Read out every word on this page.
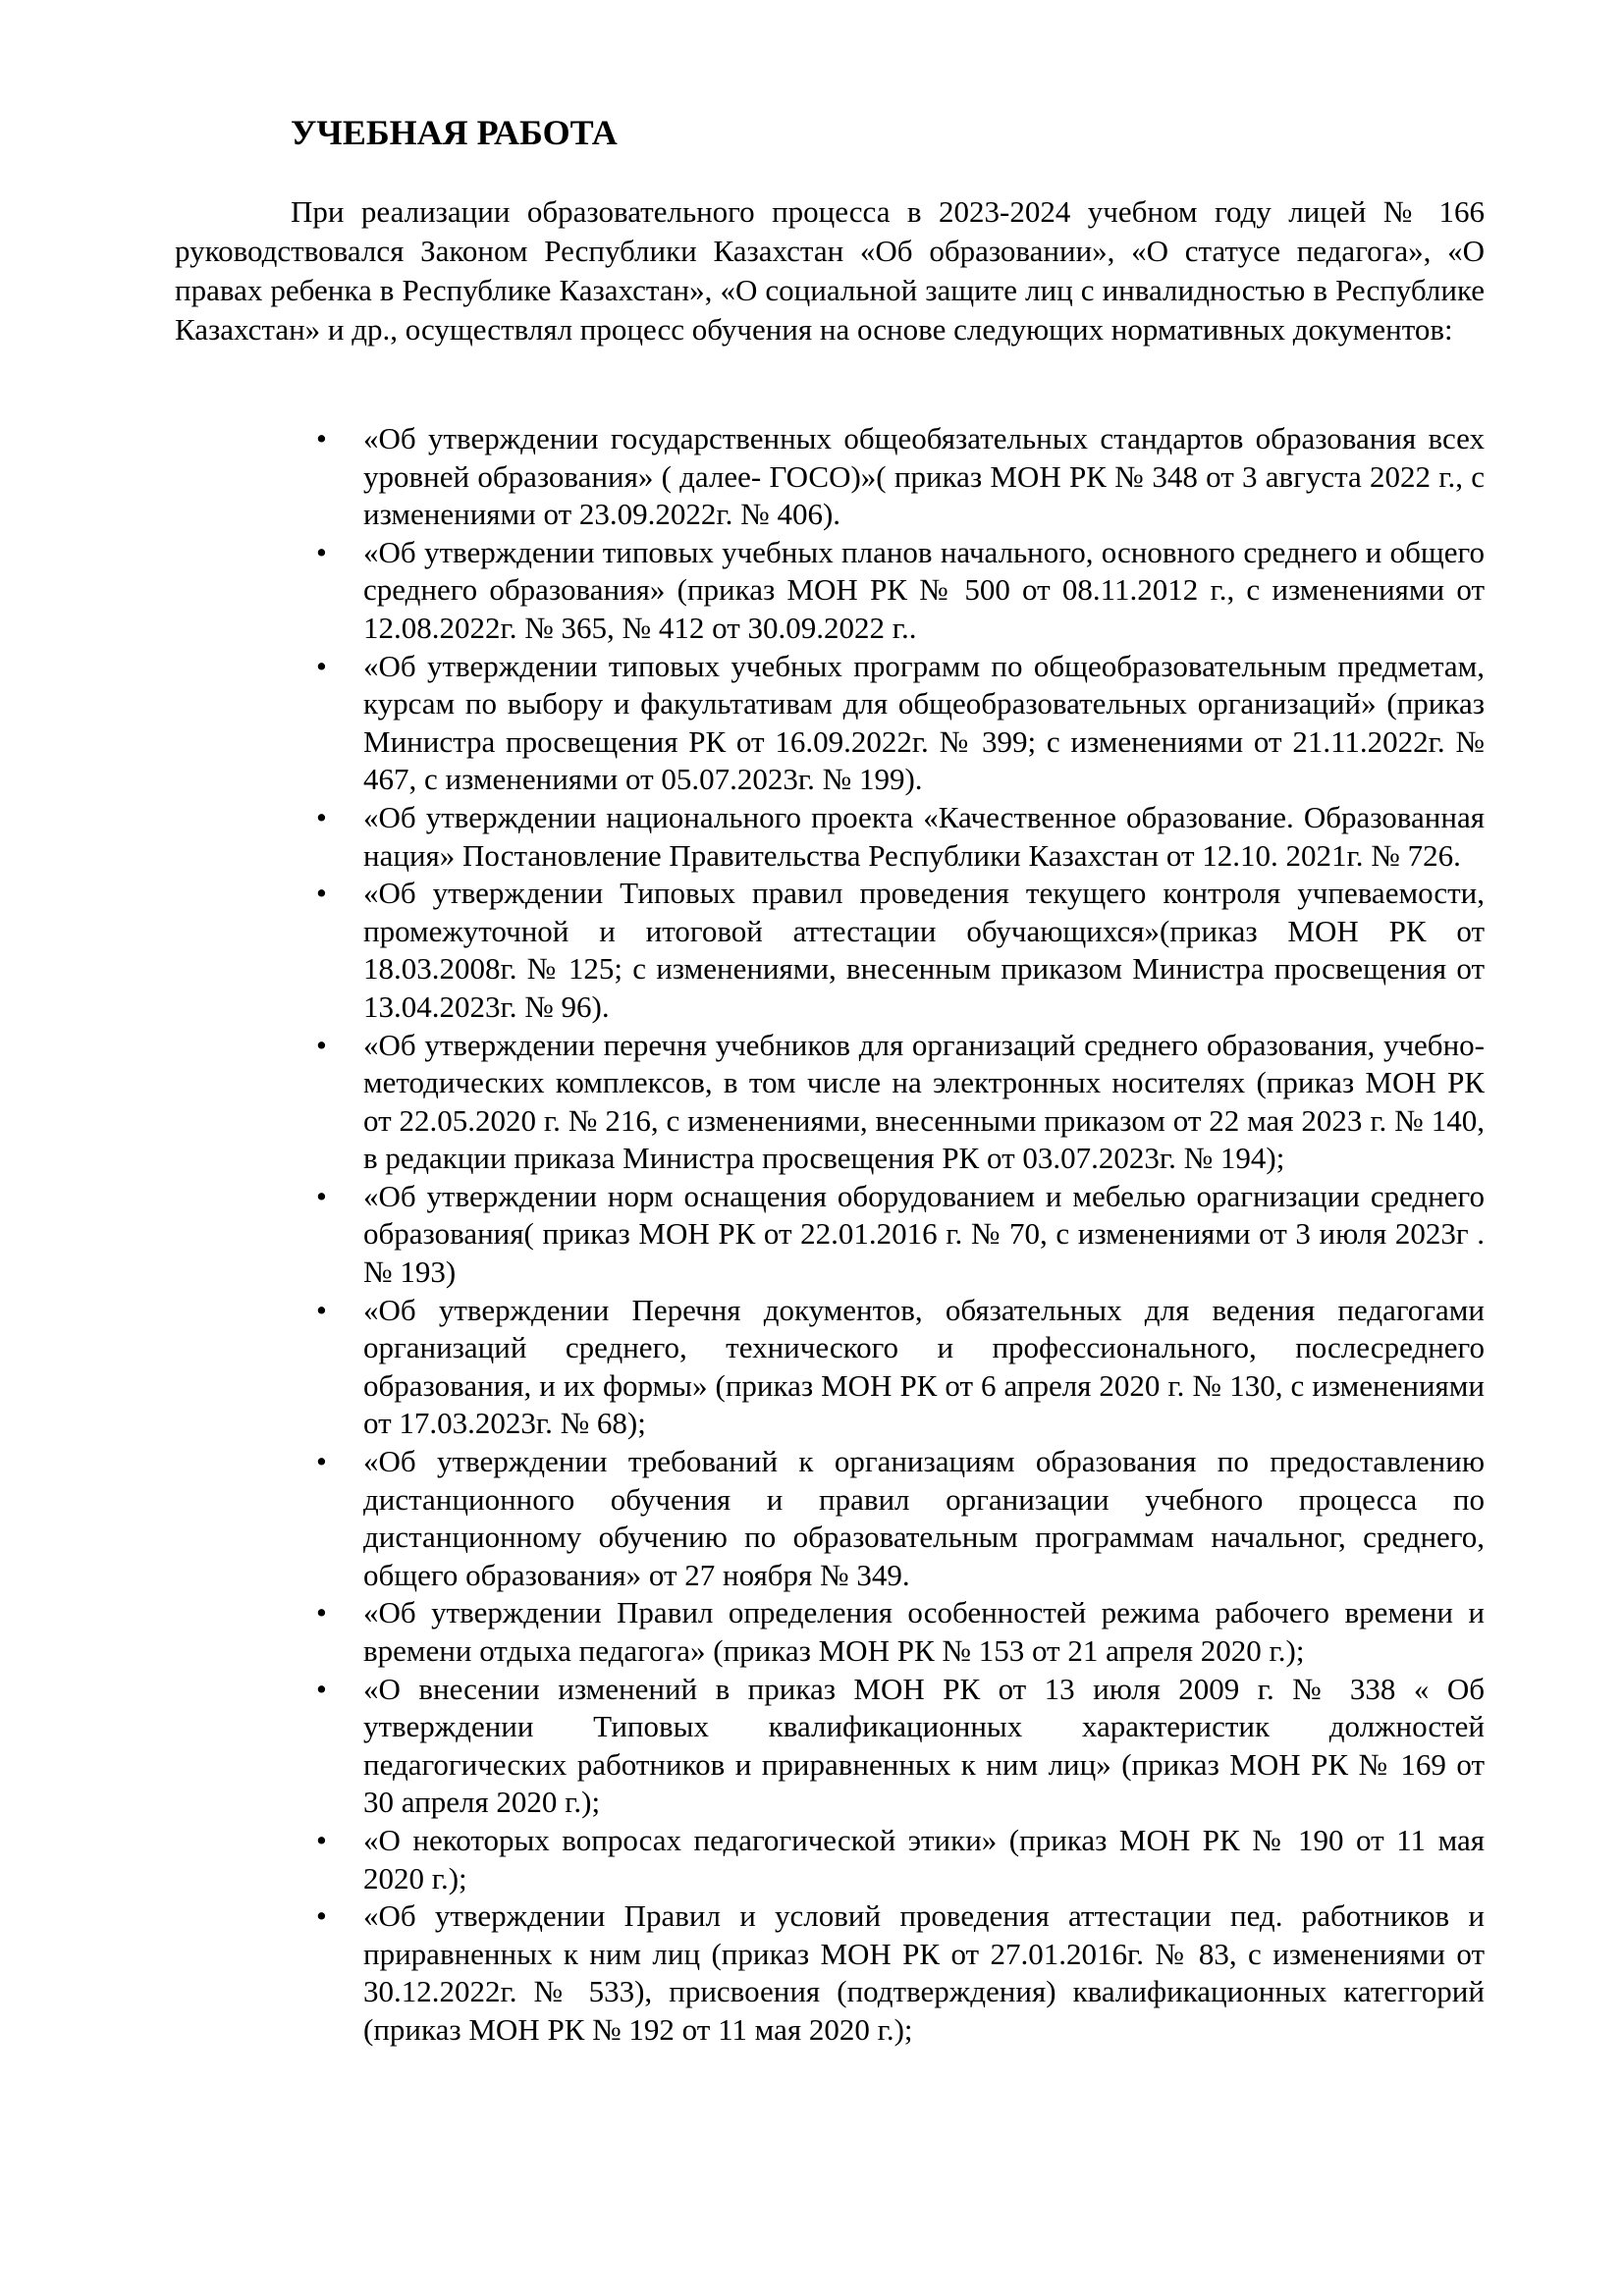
УЧЕБНАЯ РАБОТА

При реализации образовательного процесса в 2023-2024 учебном году лицей № 166 руководствовался Законом Республики Казахстан «Об образовании», «О статусе педагога», «О правах ребенка в Республике Казахстан», «О социальной защите лиц с инвалидностью в Республике Казахстан» и др., осуществлял процесс обучения на основе следующих нормативных документов:

• «Об утверждении государственных общеобязательных стандартов образования всех уровней образования» ( далее- ГОСО)»( приказ МОН РК № 348 от 3 августа 2022 г., с изменениями от 23.09.2022г. № 406).
• «Об утверждении типовых учебных планов начального, основного среднего и общего среднего образования» (приказ МОН РК № 500 от 08.11.2012 г., с изменениями от 12.08.2022г. № 365, № 412 от 30.09.2022 г..
• «Об утверждении типовых учебных программ по общеобразовательным предметам, курсам по выбору и факультативам для общеобразовательных организаций» (приказ Министра просвещения РК от 16.09.2022г. № 399; с изменениями от 21.11.2022г. № 467, с изменениями от 05.07.2023г. № 199).
• «Об утверждении национального проекта «Качественное образование. Образованная нация» Постановление Правительства Республики Казахстан от 12.10. 2021г. № 726.
• «Об утверждении Типовых правил проведения текущего контроля учпеваемости, промежуточной и итоговой аттестации обучающихся»(приказ МОН РК от 18.03.2008г. № 125; с изменениями, внесенным приказом Министра просвещения от 13.04.2023г. № 96).
• «Об утверждении перечня учебников для организаций среднего образования, учебно-методических комплексов, в том числе на электронных носителях (приказ МОН РК от 22.05.2020 г. № 216, с изменениями, внесенными приказом от 22 мая 2023 г. № 140, в редакции приказа Министра просвещения РК от 03.07.2023г. № 194);
• «Об утверждении норм оснащения оборудованием и мебелью орагнизации среднего образования( приказ МОН РК от 22.01.2016 г. № 70, с изменениями от 3 июля 2023г . № 193)
• «Об утверждении Перечня документов, обязательных для ведения педагогами организаций среднего, технического и профессионального, послесреднего образования, и их формы» (приказ МОН РК от 6 апреля 2020 г. № 130, с изменениями от 17.03.2023г. № 68);
• «Об утверждении требований к организациям образования по предоставлению дистанционного обучения и правил организации учебного процесса по дистанционному обучению по образовательным программам начальног, среднего, общего образования» от 27 ноября № 349.
• «Об утверждении Правил определения особенностей режима рабочего времени и времени отдыха педагога» (приказ МОН РК № 153 от 21 апреля 2020 г.);
• «О внесении изменений в приказ МОН РК от 13 июля 2009 г. № 338 « Об утверждении Типовых квалификационных характеристик должностей педагогических работников и приравненных к ним лиц» (приказ МОН РК № 169 от 30 апреля 2020 г.);
• «О некоторых вопросах педагогической этики» (приказ МОН РК № 190 от 11 мая 2020 г.);
• «Об утверждении Правил и условий проведения аттестации пед. работников и приравненных к ним лиц (приказ МОН РК от 27.01.2016г. № 83, с изменениями от 30.12.2022г. № 533), присвоения (подтверждения) квалификационных категгорий (приказ МОН РК № 192 от 11 мая 2020 г.);
